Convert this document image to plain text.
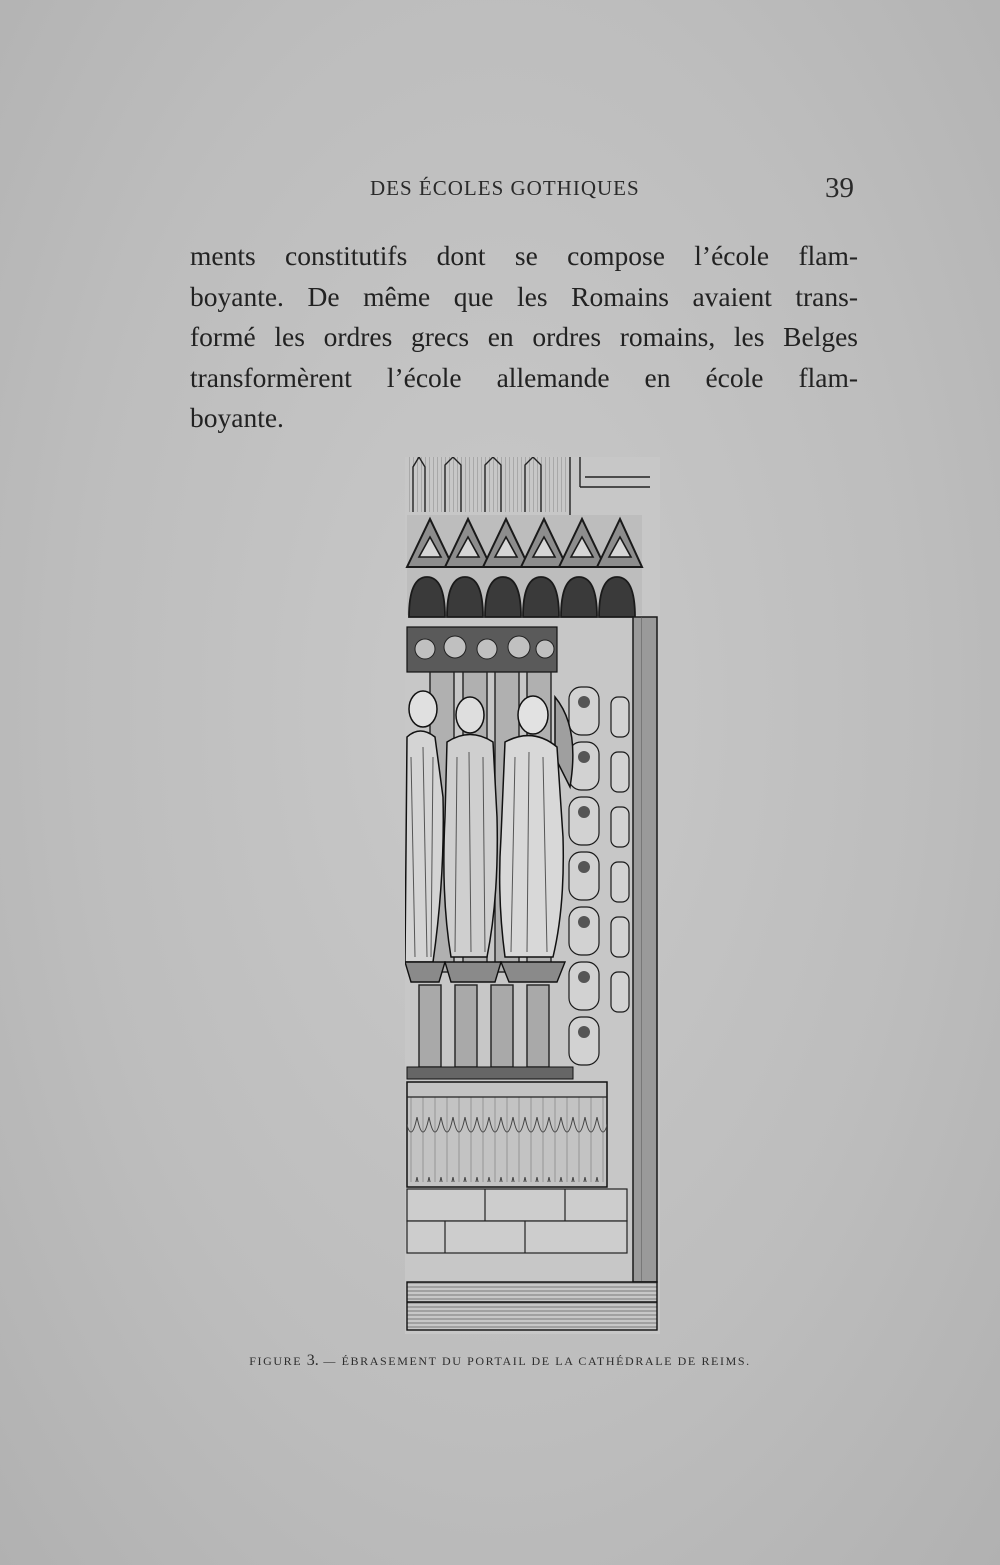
DES ÉCOLES GOTHIQUES	39
ments constitutifs dont se compose l’école flam-
boyante. De même que les Romains avaient trans-
formé les ordres grecs en ordres romains, les Belges
transformèrent l’école allemande en école flam-
boyante.
FIGURE 3. — ÉBRASEMENT DU PORTAIL DE LA CATHÉDRALE DE REIMS.
